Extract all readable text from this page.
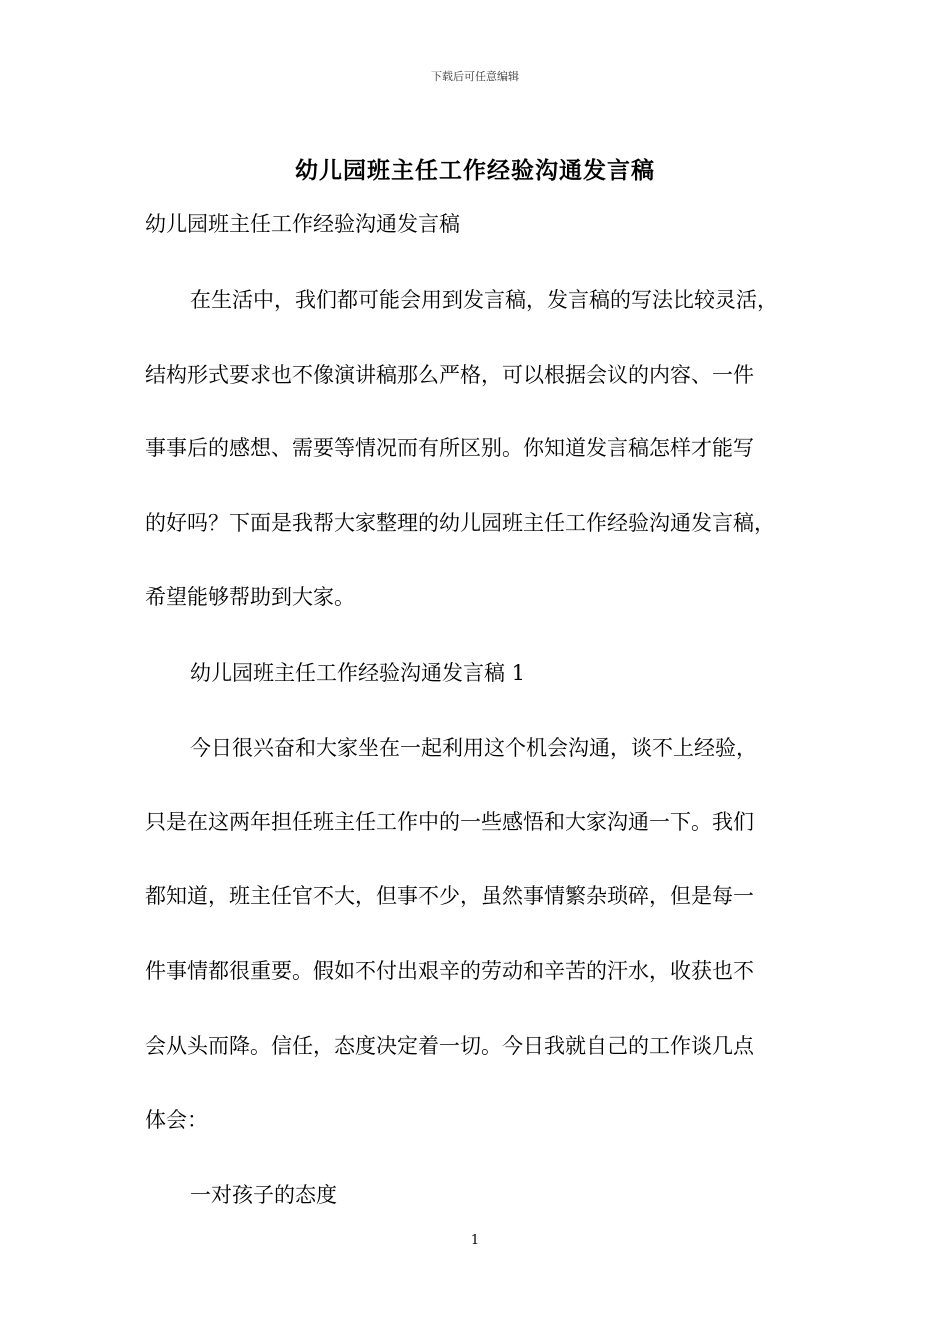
下载后可任意编辑
幼儿园班主任工作经验沟通发言稿
幼儿园班主任工作经验沟通发言稿
在生活中，我们都可能会用到发言稿，发言稿的写法比较灵活，
结构形式要求也不像演讲稿那么严格，可以根据会议的内容、一件
事事后的感想、需要等情况而有所区别。你知道发言稿怎样才能写
的好吗？下面是我帮大家整理的幼儿园班主任工作经验沟通发言稿，
希望能够帮助到大家。
幼儿园班主任工作经验沟通发言稿 1
今日很兴奋和大家坐在一起利用这个机会沟通，谈不上经验，
只是在这两年担任班主任工作中的一些感悟和大家沟通一下。我们
都知道，班主任官不大，但事不少，虽然事情繁杂琐碎，但是每一
件事情都很重要。假如不付出艰辛的劳动和辛苦的汗水，收获也不
会从头而降。信任，态度决定着一切。今日我就自己的工作谈几点
体会：
一对孩子的态度
1
